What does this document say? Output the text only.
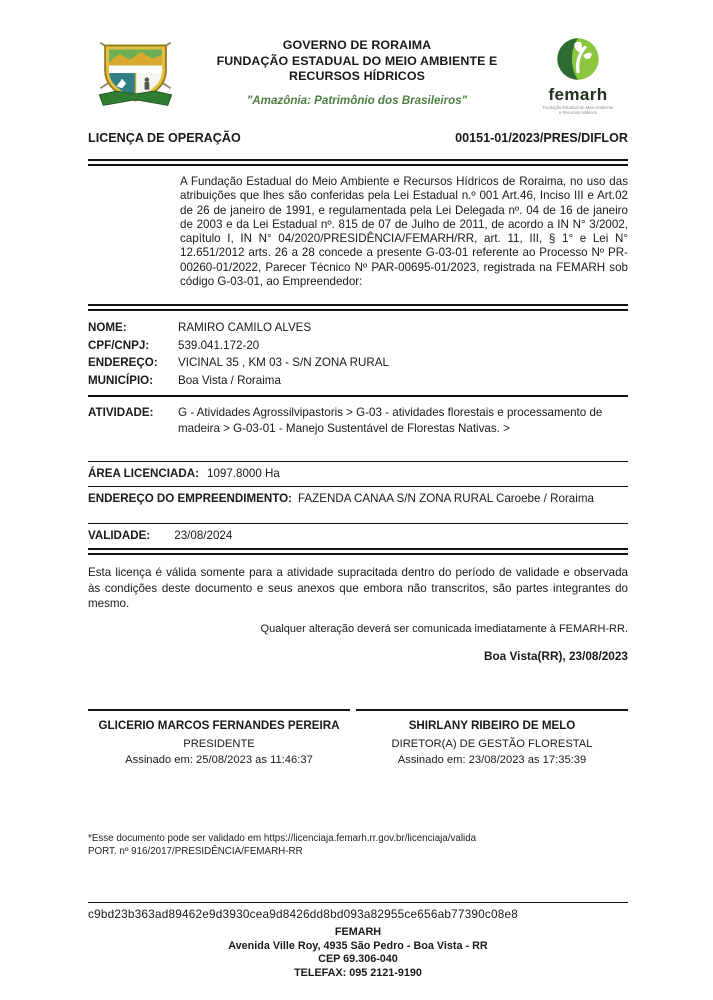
GOVERNO DE RORAIMA
FUNDAÇÃO ESTADUAL DO MEIO AMBIENTE E
RECURSOS HÍDRICOS
"Amazônia: Patrimônio dos Brasileiros"	femarh
Fundação Estadual do Meio Ambiente
e Recursos Hídricos
LICENÇA DE OPERAÇÃO	00151-01/2023/PRES/DIFLOR

A Fundação Estadual do Meio Ambiente e Recursos Hídricos de Roraima, no uso das atribuições que lhes são conferidas pela Lei Estadual n.º 001 Art.46, Inciso III e Art.02 de 26 de janeiro de 1991, e regulamentada pela Lei Delegada nº. 04 de 16 de janeiro de 2003 e da Lei Estadual nº. 815 de 07 de Julho de 2011, de acordo a IN N° 3/2002, capítulo I, IN N° 04/2020/PRESIDÊNCIA/FEMARH/RR, art. 11, III, § 1° e Lei N° 12.651/2012 arts. 26 a 28 concede a presente G-03-01 referente ao Processo Nº PR-00260-01/2022, Parecer Técnico Nº PAR-00695-01/2023, registrada na FEMARH sob código G-03-01, ao Empreendedor:

NOME:	RAMIRO CAMILO ALVES
CPF/CNPJ:	539.041.172-20
ENDEREÇO:	VICINAL 35 , KM 03 - S/N ZONA RURAL
MUNICÍPIO:	Boa Vista / Roraima
ATIVIDADE:	G - Atividades Agrossilvipastoris > G-03 - atividades florestais e processamento de madeira > G-03-01 - Manejo Sustentável de Florestas Nativas. >
ÁREA LICENCIADA: 1097.8000 Ha
ENDEREÇO DO EMPREENDIMENTO: FAZENDA CANAA S/N ZONA RURAL Caroebe / Roraima
VALIDADE: 23/08/2024

Esta licença é válida somente para a atividade supracitada dentro do período de validade e observada às condições deste documento e seus anexos que embora não transcritos, são partes integrantes do mesmo.

Qualquer alteração deverá ser comunicada imediatamente à FEMARH-RR.
Boa Vista(RR), 23/08/2023
GLICERIO MARCOS FERNANDES PEREIRA
PRESIDENTE
Assinado em: 25/08/2023 as 11:46:37
SHIRLANY RIBEIRO DE MELO
DIRETOR(A) DE GESTÃO FLORESTAL
Assinado em: 23/08/2023 as 17:35:39
*Esse documento pode ser validado em https://licenciaja.femarh.rr.gov.br/licenciaja/valida
PORT. nº 916/2017/PRESIDÊNCIA/FEMARH-RR
c9bd23b363ad89462e9d3930cea9d8426dd8bd093a82955ce656ab77390c08e8
FEMARH
Avenida Ville Roy, 4935 São Pedro - Boa Vista - RR
CEP 69.306-040
TELEFAX: 095 2121-9190
